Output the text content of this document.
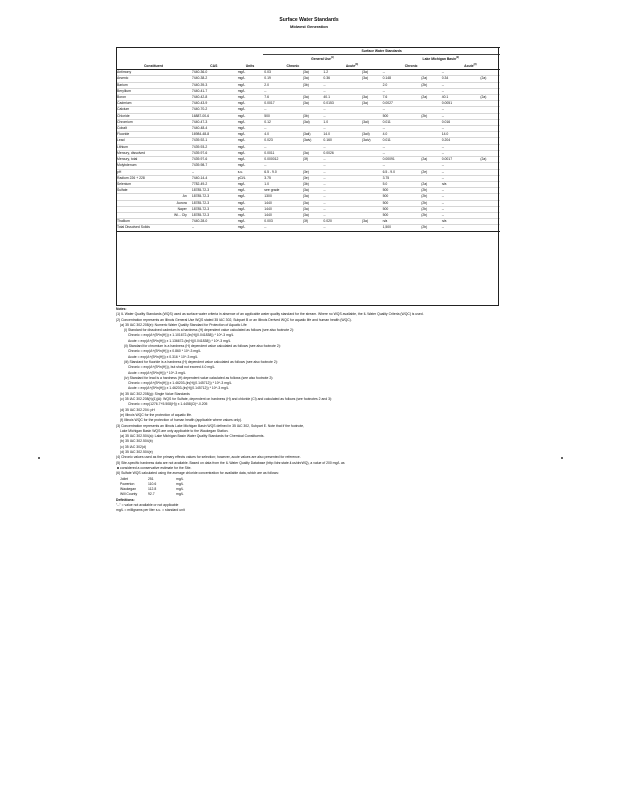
Surface Water Standards
Midwest Generation
			Surface Water Standards							
			General Use$^{(1)}$				Lake Michigan Basin$^{(2)}$
Constituent	CAS	Units	Chronic		Acute$^{(3)}$		Chronic		Acute$^{(3)}$
Antimony	7440-36-0	mg/L	0.03	(3a)	1.2	(3a)	--		--	
Arsenic	7440-38-2	mg/L	0.19	(3a)	0.36	(3a)	0.148	(2a)	0.34	(2a)
Barium	7440-39-3	mg/L	2.0	(3b)	--		2.0	(2b)	--	
Beryllium	7440-41-7	mg/L	--		--		--		--	
Boron	7440-42-8	mg/L	7.6	(3a)	40.1	(3a)	7.6	(2a)	40.1	(2a)
Cadmium	7440-43-9	mg/L	0.0017	(3a)	0.0153	(3a)	0.0027		0.0051	
Calcium	7440-70-2	mg/L	--		--		--		--	
Chloride	16887-00-6	mg/L	500	(3b)	--		500	(2b)	--	
Chromium	7440-47-3	mg/L	0.12	(3ai)	1.0	(3ai)	0.011		0.016	
Cobalt	7440-48-4	mg/L	--		--		--		--	
Fluoride	16984-48-8	mg/L	4.0	(3aii)	14.0	(3aii)	4.0		14.0	
Lead	7439-92-1	mg/L	0.023	(3aiv)	0.160	(3aiv)	0.011		0.204	
Lithium	7439-93-2	mg/L	--		--		--		--	
Mercury, dissolved	7439-97-6	mg/L	0.0011	(3a)	0.0026		--		--	
Mercury, total	7439-97-6	mg/L	0.000012	(3f)	--		0.00091	(2a)	0.0017	(2a)
Molybdenum	7439-98-7	mg/L	--		--		--		--	
pH	--	s.u.	6.5 - 9.0	(3e)	--		6.5 - 9.0	(2e)	--	
Radium 226 + 228	7440-14-4	pCi/L	3.75	(3e)	--		3.75		--	
Selenium	7782-49-2	mg/L	1.0	(3b)	--		5.0	(2a)	n/a	
Sulfate	18785-72-3	mg/L	see grade	(3a)	--		500	(2b)	--	
An	18785-72-3	mg/L	1300	(3a)	--		500	(2b)	--	
Aurora	18785-72-3	mg/L	1440	(3a)	--		500	(2b)	--	
Naper	18785-72-3	mg/L	1440	(3a)	--		500	(2b)	--	
Wi... Cty	18785-72-3	mg/L	1440	(3a)	--		500	(2b)	--	
Thallium	7440-28-0	mg/L	0.003	(3f)	0.020	(3a)	n/a		n/a	
Total Dissolved Solids	--	mg/L	--		--		1,500	(2b)	--	
Notes:
(1) IL Water Quality Standards (WQS) used as surface water criteria in absence of an applicable water quality standard for the stream. Where no WQS available, the IL Water Quality Criteria (WQC) is used.
(2) Concentration represents an Illinois General Use WQS stated 35 IAC 302, Subpart B or an Illinois Derived WQC for aquatic life and human health (WQC).
(a) 35 IAC 302.208(e): Numeric Water Quality Standard for Protection of Aquatic Life
(i) Standard for dissolved cadmium is a hardness (H) dependent value calculated as follows (see also footnote 2):
Chronic = exp(A+(B*ln(H))) x 1.101672-(ln(H)(0.041838)) * 10^-3 mg/L
Acute = exp(A+(B*ln(H))) x 1.136672-(ln(H)(0.041838)) * 10^-3 mg/L
(ii) Standard for chromium is a hardness (H) dependent value calculated as follows (see also footnote 2):
Chronic = exp(A+(B*ln(H))) x 0.860 * 10^-3 mg/L
Acute = exp(A+(B*ln(H))) x 0.316 * 10^-3 mg/L
(iii) Standard for fluoride is a hardness (H) dependent value calculated as follows (see also footnote 2):
Chronic = exp(A+(B*ln(H))), but shall not exceed 4.0 mg/L
Acute = exp(A+(B*ln(H))) * 10^-3 mg/L
(iv) Standard for lead is a hardness (H) dependent value calculated as follows (see also footnote 2):
Chronic = exp(A+(B*ln(H))) x 1.46203-(ln(H)(0.145712)) * 10^-3 mg/L
Acute = exp(A+(B*ln(H))) x 1.46203-(ln(H)(0.145712)) * 10^-3 mg/L
(b) 35 IAC 302.208(g): Single Value Standards
(c) 35 IAC 302.208(h)(1)(A): WQS for Sulfate, dependent on hardness (H) and chloride (Cl) and calculated as follows (see footnotes 2 and 3):
Chronic = exp(1276.7+5.508(H)) x 1.4458(Cl)^-0.205
(d) 35 IAC 302.204: pH
(e) Illinois WQC for the protection of aquatic life.
(f) Illinois WQC for the protection of human health (applicable where values only).
(3) Concentration represents an Illinois Lake Michigan Basin WQS defined in 35 IAC 302, Subpart E. Note that if the footnote,
Lake Michigan Basin WQS are only applicable to the Waukegan Station.
(a) 35 IAC 302.504(a): Lake Michigan Basin Water Quality Standards for Chemical Constituents.
(b) 35 IAC 302.504(b)
(c) 35 IAC 302(d)
(d) 35 IAC 302.504(e)
(4) Chronic values used as the primary effects values for selection; however, acute values are also presented for reference.
(5) Site-specific hardness data are not available. Based on data from the IL Water Quality Database (http://dnr.state.il.us/dnrWQ), a value of 200 mg/L as
considered a conservative estimate for the Site.
(6) Sulfate WQS calculated using the average chloride concentration for available data, which are as follows:
Joliet	251	mg/L
Powerton	110.6	mg/L
Waukegan	112.8	mg/L
Will County	92.7	mg/L
Definitions:
"--" = value not available or not applicable
mg/L = milligrams per liter s.u. = standard unit
